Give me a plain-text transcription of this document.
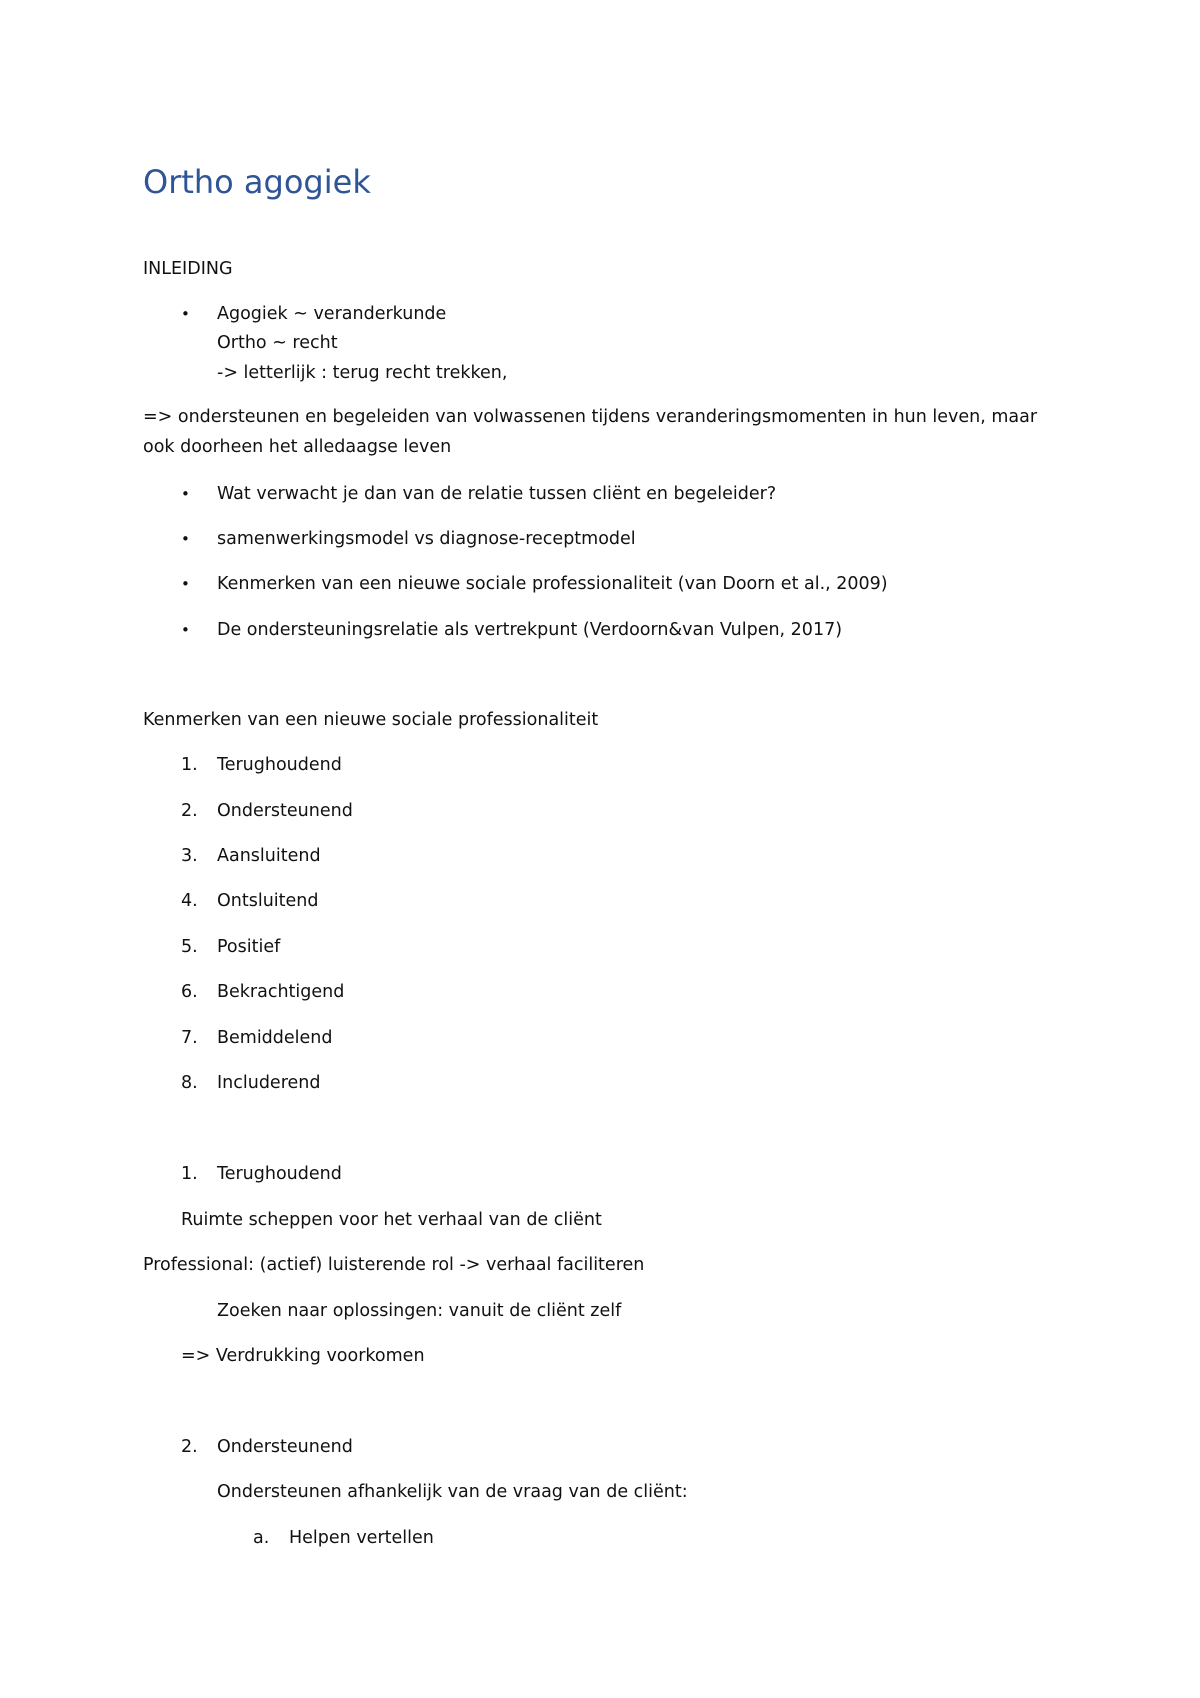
Ortho agogiek
INLEIDING
• Agogiek ~ veranderkunde
Ortho ~ recht
-> letterlijk : terug recht trekken,
=> ondersteunen en begeleiden van volwassenen tijdens veranderingsmomenten in hun leven, maar
ook doorheen het alledaagse leven
• Wat verwacht je dan van de relatie tussen cliënt en begeleider?
• samenwerkingsmodel vs diagnose-receptmodel
• Kenmerken van een nieuwe sociale professionaliteit (van Doorn et al., 2009)
• De ondersteuningsrelatie als vertrekpunt (Verdoorn&van Vulpen, 2017)
Kenmerken van een nieuwe sociale professionaliteit
1. Terughoudend
2. Ondersteunend
3. Aansluitend
4. Ontsluitend
5. Positief
6. Bekrachtigend
7. Bemiddelend
8. Includerend
1. Terughoudend
Ruimte scheppen voor het verhaal van de cliënt
Professional: (actief) luisterende rol -> verhaal faciliteren
Zoeken naar oplossingen: vanuit de cliënt zelf
=> Verdrukking voorkomen
2. Ondersteunend
Ondersteunen afhankelijk van de vraag van de cliënt:
a. Helpen vertellen
